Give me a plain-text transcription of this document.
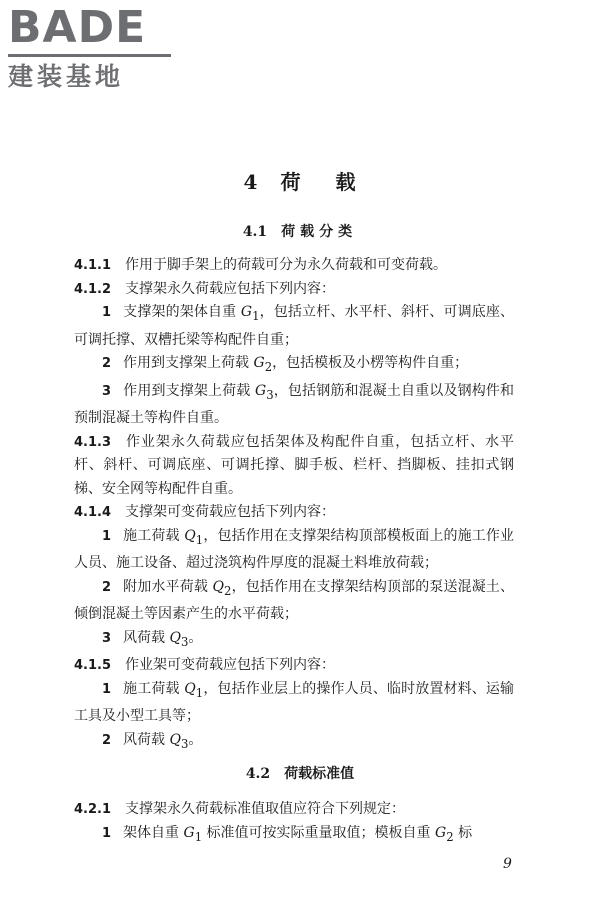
BADE
建装基地
4 荷 载
4.1 荷载分类

4.1.1 作用于脚手架上的荷载可分为永久荷载和可变荷载。

4.1.2 支撑架永久荷载应包括下列内容：

1 支撑架的架体自重 $G_1$，包括立杆、水平杆、斜杆、可调底座、可调托撑、双槽托梁等构配件自重；

2 作用到支撑架上荷载 $G_2$，包括模板及小楞等构件自重；

3 作用到支撑架上荷载 $G_3$，包括钢筋和混凝土自重以及钢构件和预制混凝土等构件自重。

4.1.3 作业架永久荷载应包括架体及构配件自重，包括立杆、水平杆、斜杆、可调底座、可调托撑、脚手板、栏杆、挡脚板、挂扣式钢梯、安全网等构配件自重。

4.1.4 支撑架可变荷载应包括下列内容：

1 施工荷载 $Q_1$，包括作用在支撑架结构顶部模板面上的施工作业人员、施工设备、超过浇筑构件厚度的混凝土料堆放荷载；

2 附加水平荷载 $Q_2$，包括作用在支撑架结构顶部的泵送混凝土、倾倒混凝土等因素产生的水平荷载；

3 风荷载 $Q_3$。

4.1.5 作业架可变荷载应包括下列内容：

1 施工荷载 $Q_1$，包括作业层上的操作人员、临时放置材料、运输工具及小型工具等；

2 风荷载 $Q_3$。

4.2 荷载标准值

4.2.1 支撑架永久荷载标准值取值应符合下列规定：

1 架体自重 $G_1$ 标准值可按实际重量取值；模板自重 $G_2$ 标

9
